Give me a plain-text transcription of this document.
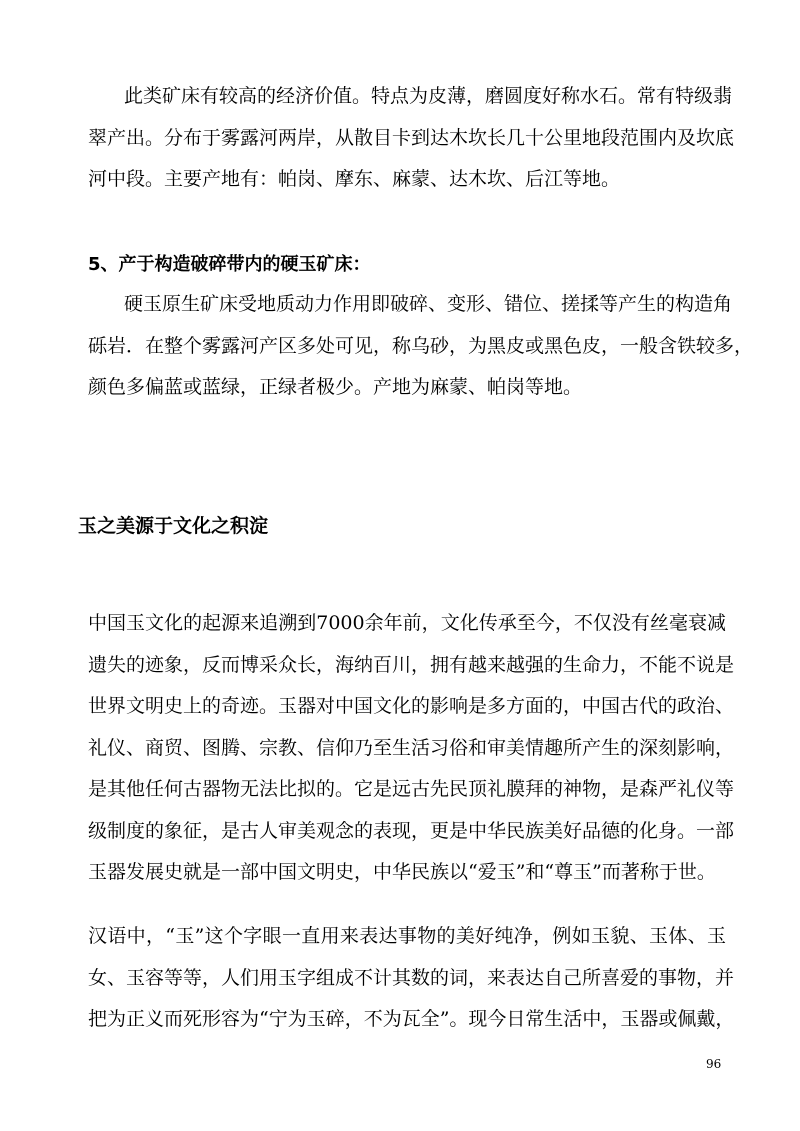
此类矿床有较高的经济价值。特点为皮薄，磨圆度好称水石。常有特级翡
翠产出。分布于雾露河两岸，从散目卡到达木坎长几十公里地段范围内及坎底
河中段。主要产地有：帕岗、摩东、麻蒙、达木坎、后江等地。
5、产于构造破碎带内的硬玉矿床：
硬玉原生矿床受地质动力作用即破碎、变形、错位、搓揉等产生的构造角
砾岩．在整个雾露河产区多处可见，称乌砂，为黑皮或黑色皮，一般含铁较多，
颜色多偏蓝或蓝绿，正绿者极少。产地为麻蒙、帕岗等地。
玉之美源于文化之积淀
中国玉文化的起源来追溯到7000余年前，文化传承至今，不仅没有丝毫衰减
遗失的迹象，反而博采众长，海纳百川，拥有越来越强的生命力，不能不说是
世界文明史上的奇迹。玉器对中国文化的影响是多方面的，中国古代的政治、
礼仪、商贸、图腾、宗教、信仰乃至生活习俗和审美情趣所产生的深刻影响，
是其他任何古器物无法比拟的。它是远古先民顶礼膜拜的神物，是森严礼仪等
级制度的象征，是古人审美观念的表现，更是中华民族美好品德的化身。一部
玉器发展史就是一部中国文明史，中华民族以“爱玉”和“尊玉”而著称于世。
汉语中，“玉”这个字眼一直用来表达事物的美好纯净，例如玉貌、玉体、玉
女、玉容等等，人们用玉字组成不计其数的词，来表达自己所喜爱的事物，并
把为正义而死形容为“宁为玉碎，不为瓦全”。现今日常生活中，玉器或佩戴，
96
